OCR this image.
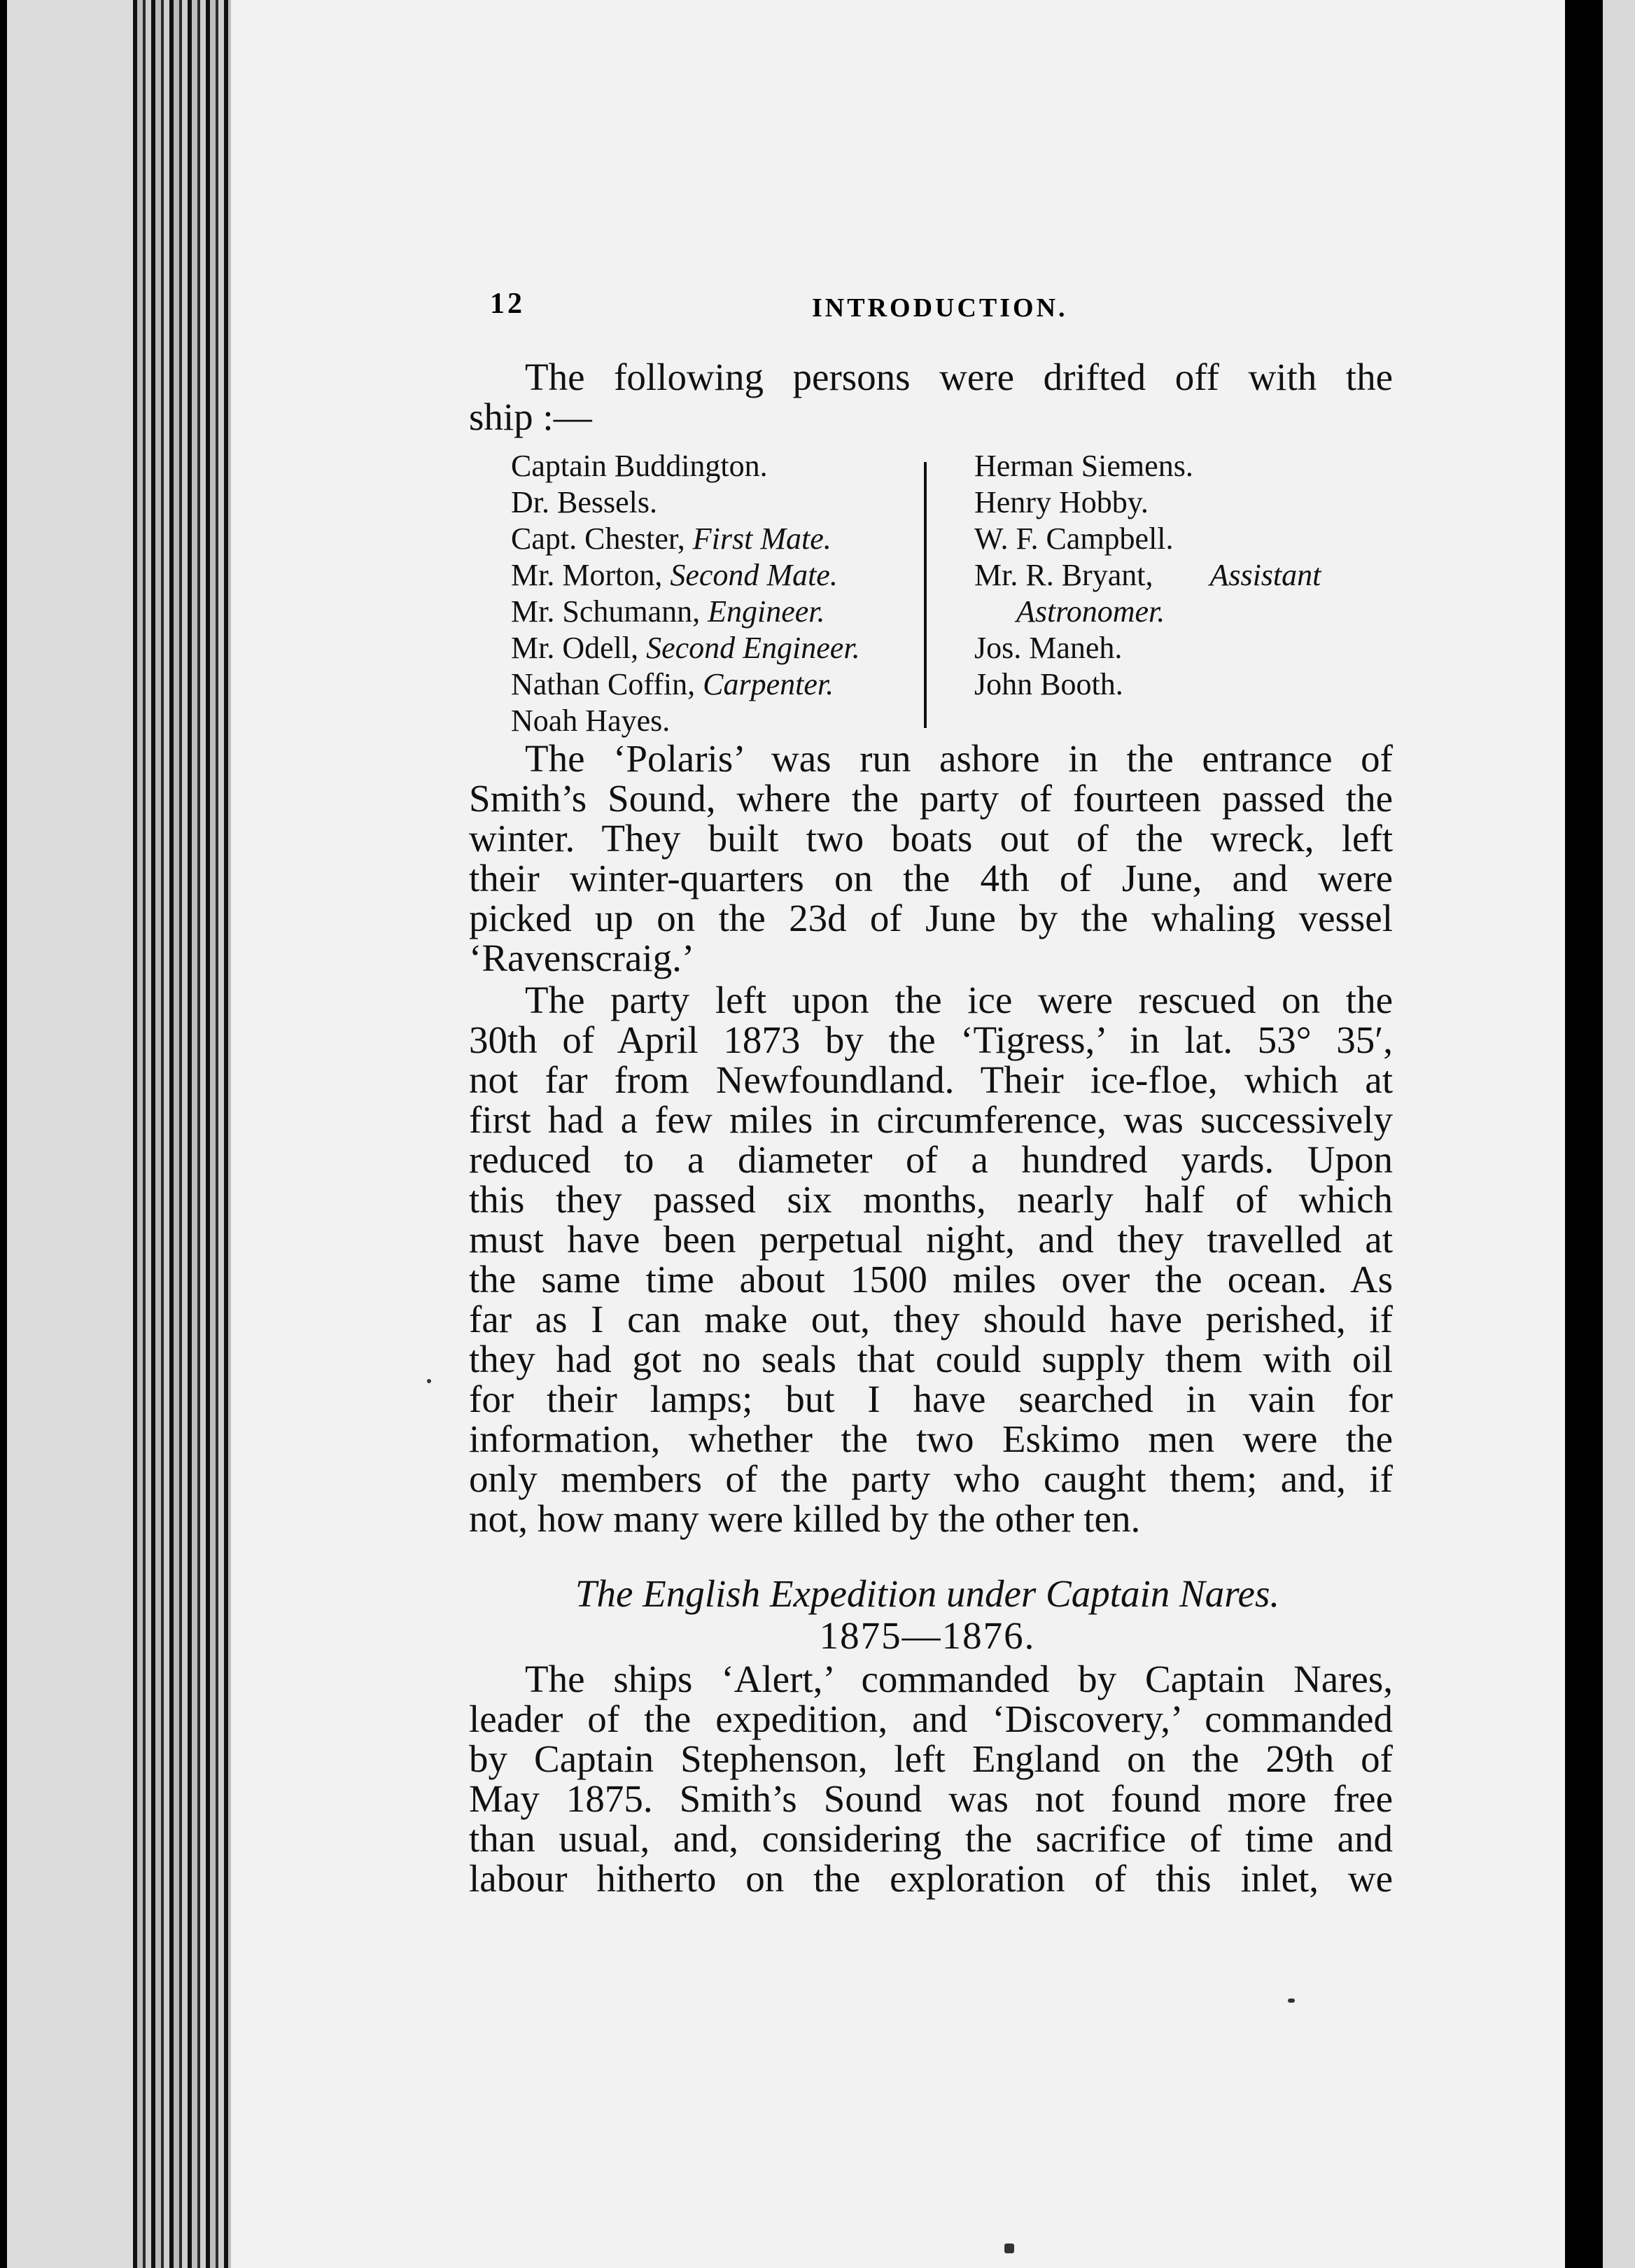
12	INTRODUCTION.
The following persons were drifted off with the
ship :—
Captain Buddington.
Dr. Bessels.
Capt. Chester, First Mate.
Mr. Morton, Second Mate.
Mr. Schumann, Engineer.
Mr. Odell, Second Engineer.
Nathan Coffin, Carpenter.
Noah Hayes.
Herman Siemens.
Henry Hobby.
W. F. Campbell.
Mr. R. Bryant, Assistant
Astronomer.
Jos. Maneh.
John Booth.
The ‘Polaris’ was run ashore in the entrance of
Smith’s Sound, where the party of fourteen passed the
winter. They built two boats out of the wreck, left
their winter-quarters on the 4th of June, and were
picked up on the 23d of June by the whaling vessel
‘Ravenscraig.’
The party left upon the ice were rescued on the
30th of April 1873 by the ‘Tigress,’ in lat. 53° 35′,
not far from Newfoundland. Their ice-floe, which at
first had a few miles in circumference, was successively
reduced to a diameter of a hundred yards. Upon
this they passed six months, nearly half of which
must have been perpetual night, and they travelled at
the same time about 1500 miles over the ocean. As
far as I can make out, they should have perished, if
they had got no seals that could supply them with oil
for their lamps; but I have searched in vain for
information, whether the two Eskimo men were the
only members of the party who caught them; and, if
not, how many were killed by the other ten.
The English Expedition under Captain Nares.
1875—1876.
The ships ‘Alert,’ commanded by Captain Nares,
leader of the expedition, and ‘Discovery,’ commanded
by Captain Stephenson, left England on the 29th of
May 1875. Smith’s Sound was not found more free
than usual, and, considering the sacrifice of time and
labour hitherto on the exploration of this inlet, we
